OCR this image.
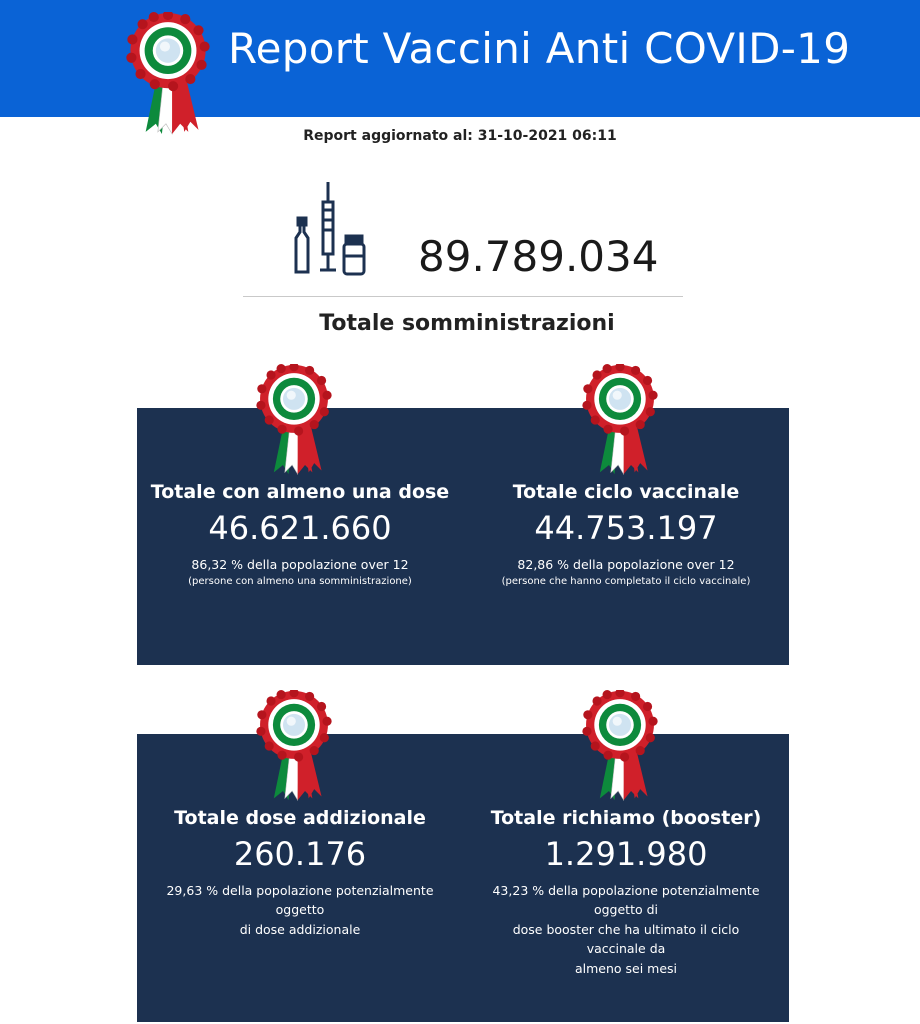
Report Vaccini Anti COVID-19
Report aggiornato al: 31-10-2021 06:11
89.789.034
Totale somministrazioni
Totale con almeno una dose
46.621.660
86,32 % della popolazione over 12
(persone con almeno una somministrazione)
Totale ciclo vaccinale
44.753.197
82,86 % della popolazione over 12
(persone che hanno completato il ciclo vaccinale)
Totale dose addizionale
260.176
29,63 % della popolazione potenzialmente
oggetto
di dose addizionale
Totale richiamo (booster)
1.291.980
43,23 % della popolazione potenzialmente
oggetto di
dose booster che ha ultimato il ciclo
vaccinale da
almeno sei mesi
